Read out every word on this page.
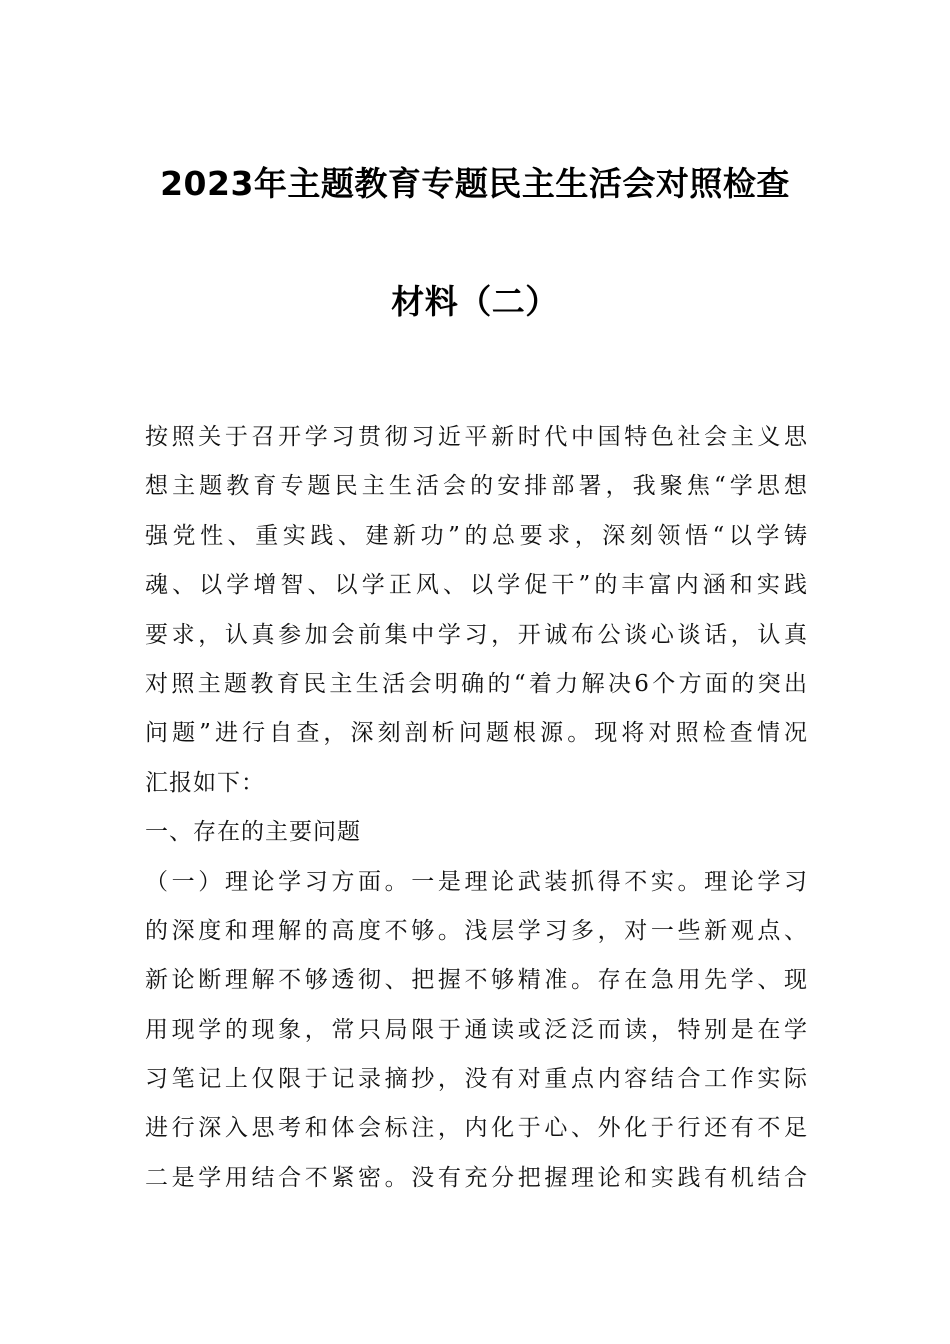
2023年主题教育专题民主生活会对照检查
材料（二）
按照关于召开学习贯彻习近平新时代中国特色社会主义思
想主题教育专题民主生活会的安排部署，我聚焦“学思想
强党性、重实践、建新功”的总要求，深刻领悟“以学铸
魂、以学增智、以学正风、以学促干”的丰富内涵和实践
要求，认真参加会前集中学习，开诚布公谈心谈话，认真
对照主题教育民主生活会明确的“着力解决6个方面的突出
问题”进行自查，深刻剖析问题根源。现将对照检查情况
汇报如下：
一、存在的主要问题
（一）理论学习方面。一是理论武装抓得不实。理论学习
的深度和理解的高度不够。浅层学习多，对一些新观点、
新论断理解不够透彻、把握不够精准。存在急用先学、现
用现学的现象，常只局限于通读或泛泛而读，特别是在学
习笔记上仅限于记录摘抄，没有对重点内容结合工作实际
进行深入思考和体会标注，内化于心、外化于行还有不足
二是学用结合不紧密。没有充分把握理论和实践有机结合
